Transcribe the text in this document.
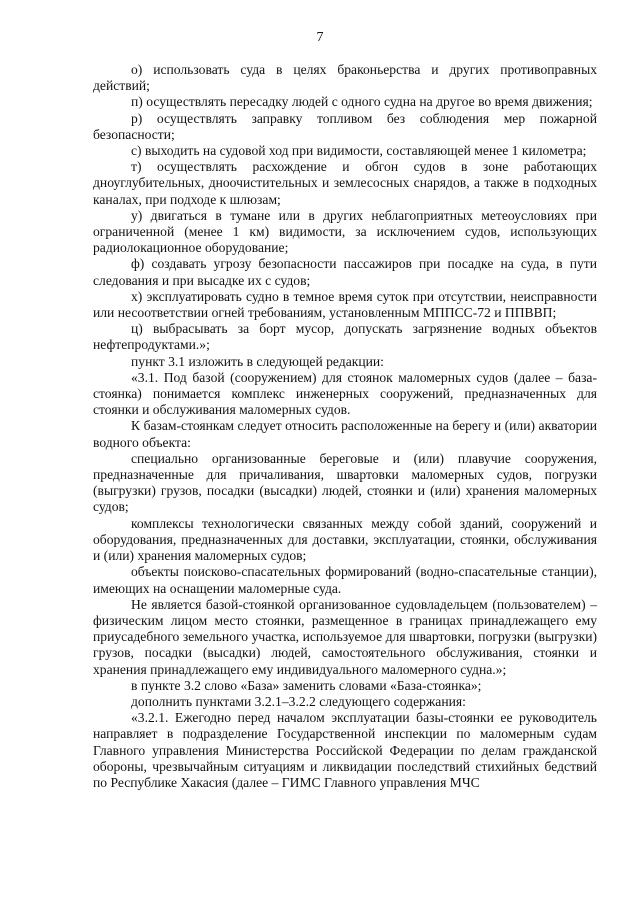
7

о) использовать суда в целях браконьерства и других противоправных действий;

п) осуществлять пересадку людей с одного судна на другое во время движения;

р) осуществлять заправку топливом без соблюдения мер пожарной безопасности;

с) выходить на судовой ход при видимости, составляющей менее 1 километра;

т) осуществлять расхождение и обгон судов в зоне работающих дноуглубительных, дноочистительных и землесосных снарядов, а также в подходных каналах, при подходе к шлюзам;

у) двигаться в тумане или в других неблагоприятных метеоусловиях при ограниченной (менее 1 км) видимости, за исключением судов, использующих радиолокационное оборудование;

ф) создавать угрозу безопасности пассажиров при посадке на суда, в пути следования и при высадке их с судов;

х) эксплуатировать судно в темное время суток при отсутствии, неисправности или несоответствии огней требованиям, установленным МППСС-72 и ППВВП;

ц) выбрасывать за борт мусор, допускать загрязнение водных объектов нефтепродуктами.»;

пункт 3.1 изложить в следующей редакции:

«3.1. Под базой (сооружением) для стоянок маломерных судов (далее – база-стоянка) понимается комплекс инженерных сооружений, предназначенных для стоянки и обслуживания маломерных судов.

К базам-стоянкам следует относить расположенные на берегу и (или) акватории водного объекта:

специально организованные береговые и (или) плавучие сооружения, предназначенные для причаливания, швартовки маломерных судов, погрузки (выгрузки) грузов, посадки (высадки) людей, стоянки и (или) хранения маломерных судов;

комплексы технологически связанных между собой зданий, сооружений и оборудования, предназначенных для доставки, эксплуатации, стоянки, обслуживания и (или) хранения маломерных судов;

объекты поисково-спасательных формирований (водно-спасательные станции), имеющих на оснащении маломерные суда.

Не является базой-стоянкой организованное судовладельцем (пользователем) – физическим лицом место стоянки, размещенное в границах принадлежащего ему приусадебного земельного участка, используемое для швартовки, погрузки (выгрузки) грузов, посадки (высадки) людей, самостоятельного обслуживания, стоянки и хранения принадлежащего ему индивидуального маломерного судна.»;

в пункте 3.2 слово «База» заменить словами «База-стоянка»;

дополнить пунктами 3.2.1–3.2.2 следующего содержания:

«3.2.1. Ежегодно перед началом эксплуатации базы-стоянки ее руководитель направляет в подразделение Государственной инспекции по маломерным судам Главного управления Министерства Российской Федерации по делам гражданской обороны, чрезвычайным ситуациям и ликвидации последствий стихийных бедствий по Республике Хакасия (далее – ГИМС Главного управления МЧС
